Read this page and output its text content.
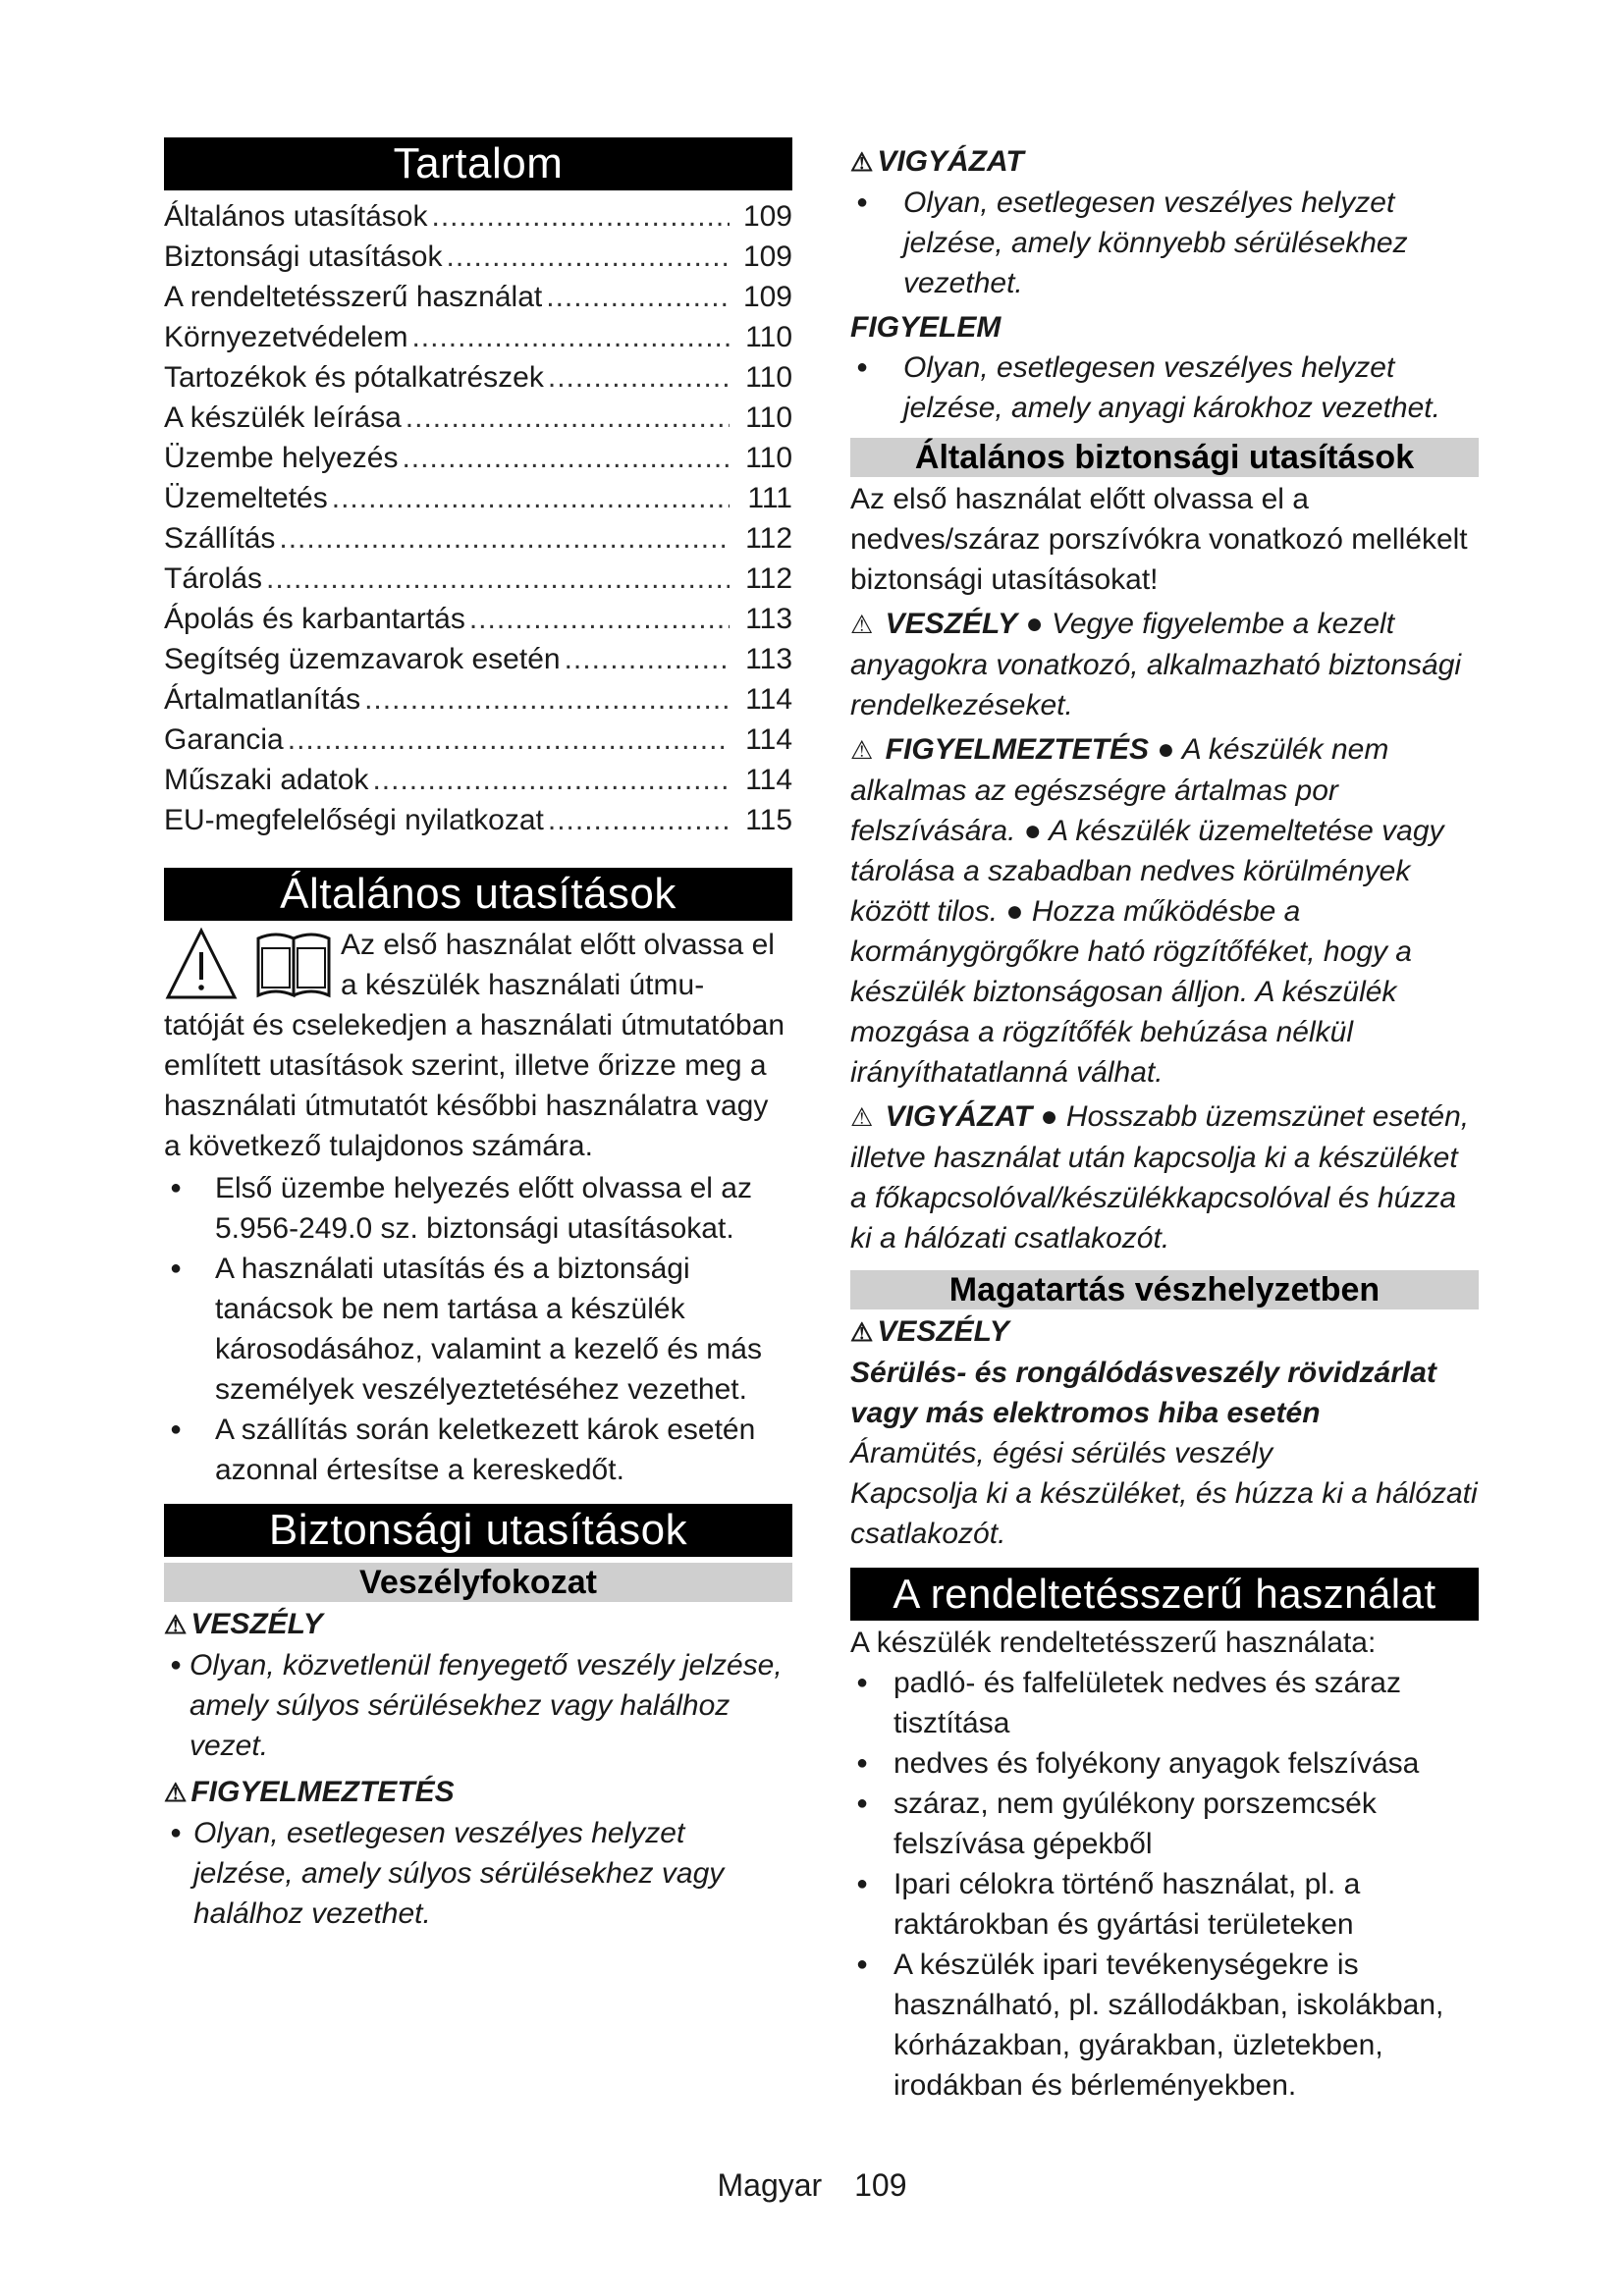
Tartalom
Általános utasítások .....	109
Biztonsági utasítások .....	109
A rendeltetésszerű használat .....	109
Környezetvédelem .....	110
Tartozékok és pótalkatrészek .....	110
A készülék leírása .....	110
Üzembe helyezés .....	110
Üzemeltetés .....	111
Szállítás .....	112
Tárolás .....	112
Ápolás és karbantartás .....	113
Segítség üzemzavarok esetén .....	113
Ártalmatlanítás .....	114
Garancia .....	114
Műszaki adatok .....	114
EU-megfelelőségi nyilatkozat .....	115
Általános utasítások

Az első használat előtt olvassa el a készülék használati útmu-

tatóját és cselekedjen a használati útmutatóban említett utasítások szerint, illetve őrizze meg a használati útmutatót későbbi használatra vagy a következő tulajdonos számára.

● Első üzembe helyezés előtt olvassa el az 5.956-249.0 sz. biztonsági utasításokat.
● A használati utasítás és a biztonsági tanácsok be nem tartása a készülék károsodásához, valamint a kezelő és más személyek veszélyeztetéséhez vezethet.
● A szállítás során keletkezett károk esetén azonnal értesítse a kereskedőt.
Biztonsági utasítások
Veszélyfokozat

⚠ VESZÉLY

● Olyan, közvetlenül fenyegető veszély jelzése, amely súlyos sérülésekhez vagy halálhoz vezet.

⚠ FIGYELMEZTETÉS

● Olyan, esetlegesen veszélyes helyzet jelzése, amely súlyos sérülésekhez vagy halálhoz vezethet.

⚠ VIGYÁZAT

● Olyan, esetlegesen veszélyes helyzet jelzése, amely könnyebb sérülésekhez vezethet.

FIGYELEM

● Olyan, esetlegesen veszélyes helyzet jelzése, amely anyagi károkhoz vezethet.
Általános biztonsági utasítások

Az első használat előtt olvassa el a nedves/száraz porszívókra vonatkozó mellékelt biztonsági utasításokat!

⚠ VESZÉLY ● Vegye figyelembe a kezelt anyagokra vonatkozó, alkalmazható biztonsági rendelkezéseket.

⚠ FIGYELMEZTETÉS ● A készülék nem alkalmas az egészségre ártalmas por felszívására. ● A készülék üzemeltetése vagy tárolása a szabadban nedves körülmények között tilos. ● Hozza működésbe a kormánygörgőkre ható rögzítőféket, hogy a készülék biztonságosan álljon. A készülék mozgása a rögzítőfék behúzása nélkül irányíthatatlanná válhat.

⚠ VIGYÁZAT ● Hosszabb üzemszünet esetén, illetve használat után kapcsolja ki a készüléket a főkapcsolóval/készülékkapcsolóval és húzza ki a hálózati csatlakozót.

Magatartás vészhelyzetben

⚠ VESZÉLY

Sérülés- és rongálódásveszély rövidzárlat vagy más elektromos hiba esetén

Áramütés, égési sérülés veszély

Kapcsolja ki a készüléket, és húzza ki a hálózati csatlakozót.

A rendeltetésszerű használat

A készülék rendeltetésszerű használata:

● padló- és falfelületek nedves és száraz tisztítása
● nedves és folyékony anyagok felszívása
● száraz, nem gyúlékony porszemcsék felszívása gépekből
● Ipari célokra történő használat, pl. a raktárokban és gyártási területeken
● A készülék ipari tevékenységekre is használható, pl. szállodákban, iskolákban, kórházakban, gyárakban, üzletekben, irodákban és bérleményekben.
Magyar 109
